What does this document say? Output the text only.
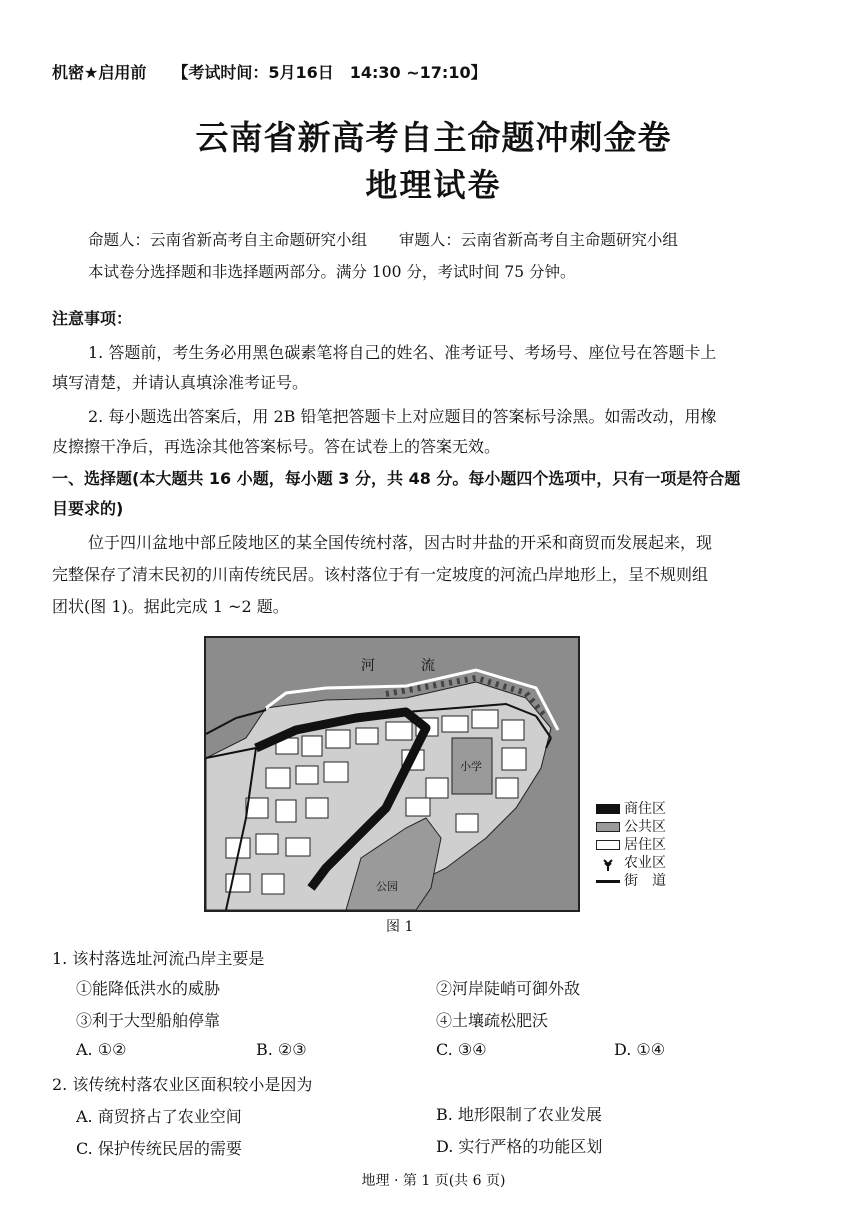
机密★启用前 【考试时间：5月16日　14:30 ~17:10】
云南省新高考自主命题冲刺金卷
地理试卷
命题人：云南省新高考自主命题研究小组 审题人：云南省新高考自主命题研究小组
本试卷分选择题和非选择题两部分。满分 100 分，考试时间 75 分钟。
注意事项：
1. 答题前，考生务必用黑色碳素笔将自己的姓名、准考证号、考场号、座位号在答题卡上
填写清楚，并请认真填涂准考证号。
2. 每小题选出答案后，用 2B 铅笔把答题卡上对应题目的答案标号涂黑。如需改动，用橡
皮擦擦干净后，再选涂其他答案标号。答在试卷上的答案无效。
一、选择题(本大题共 16 小题，每小题 3 分，共 48 分。每小题四个选项中，只有一项是符合题
目要求的)
位于四川盆地中部丘陵地区的某全国传统村落，因古时井盐的开采和商贸而发展起来，现
完整保存了清末民初的川南传统民居。该村落位于有一定坡度的河流凸岸地形上，呈不规则组
团状(图 1)。据此完成 1 ~2 题。
河	流
小学
公园
商住区
公共区
居住区
农业区
街　道
图 1
1. 该村落选址河流凸岸主要是
①能降低洪水的威胁	②河岸陡峭可御外敌
③利于大型船舶停靠	④土壤疏松肥沃
A. ①②	B. ②③	C. ③④	D. ①④
2. 该传统村落农业区面积较小是因为
A. 商贸挤占了农业空间	B. 地形限制了农业发展
C. 保护传统民居的需要	D. 实行严格的功能区划
地理 · 第 1 页(共 6 页)
